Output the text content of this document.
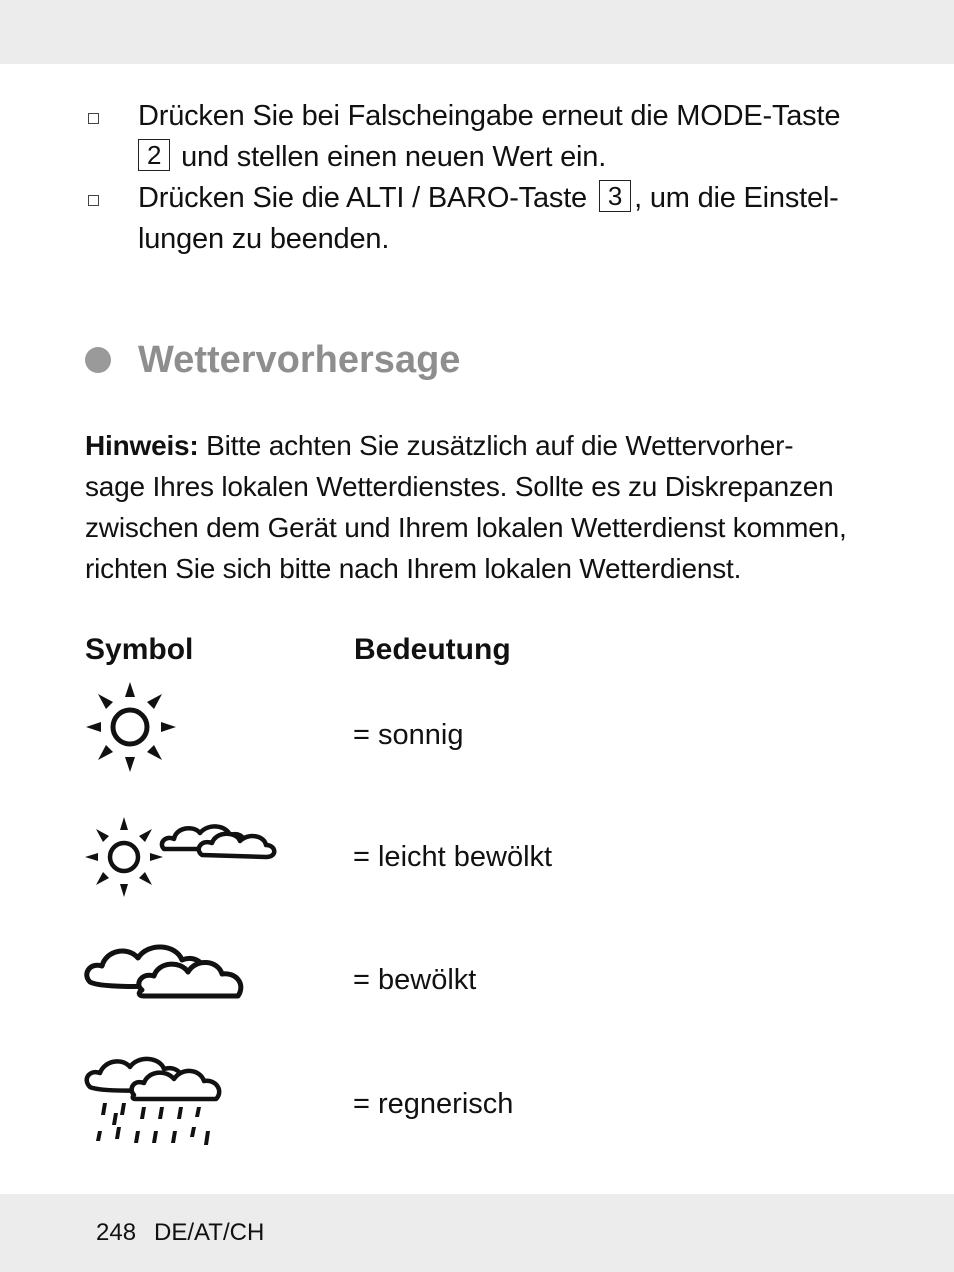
Drücken Sie bei Falscheingabe erneut die MODE-Taste
2 und stellen einen neuen Wert ein.
Drücken Sie die ALTI / BARO-Taste 3 , um die Einstel-
lungen zu beenden.
Wettervorhersage
Hinweis: Bitte achten Sie zusätzlich auf die Wettervorher-
sage Ihres lokalen Wetterdienstes. Sollte es zu Diskrepanzen
zwischen dem Gerät und Ihrem lokalen Wetterdienst kommen,
richten Sie sich bitte nach Ihrem lokalen Wetterdienst.
Symbol	Bedeutung
= sonnig
= leicht bewölkt
= bewölkt
= regnerisch
248 DE/AT/CH
